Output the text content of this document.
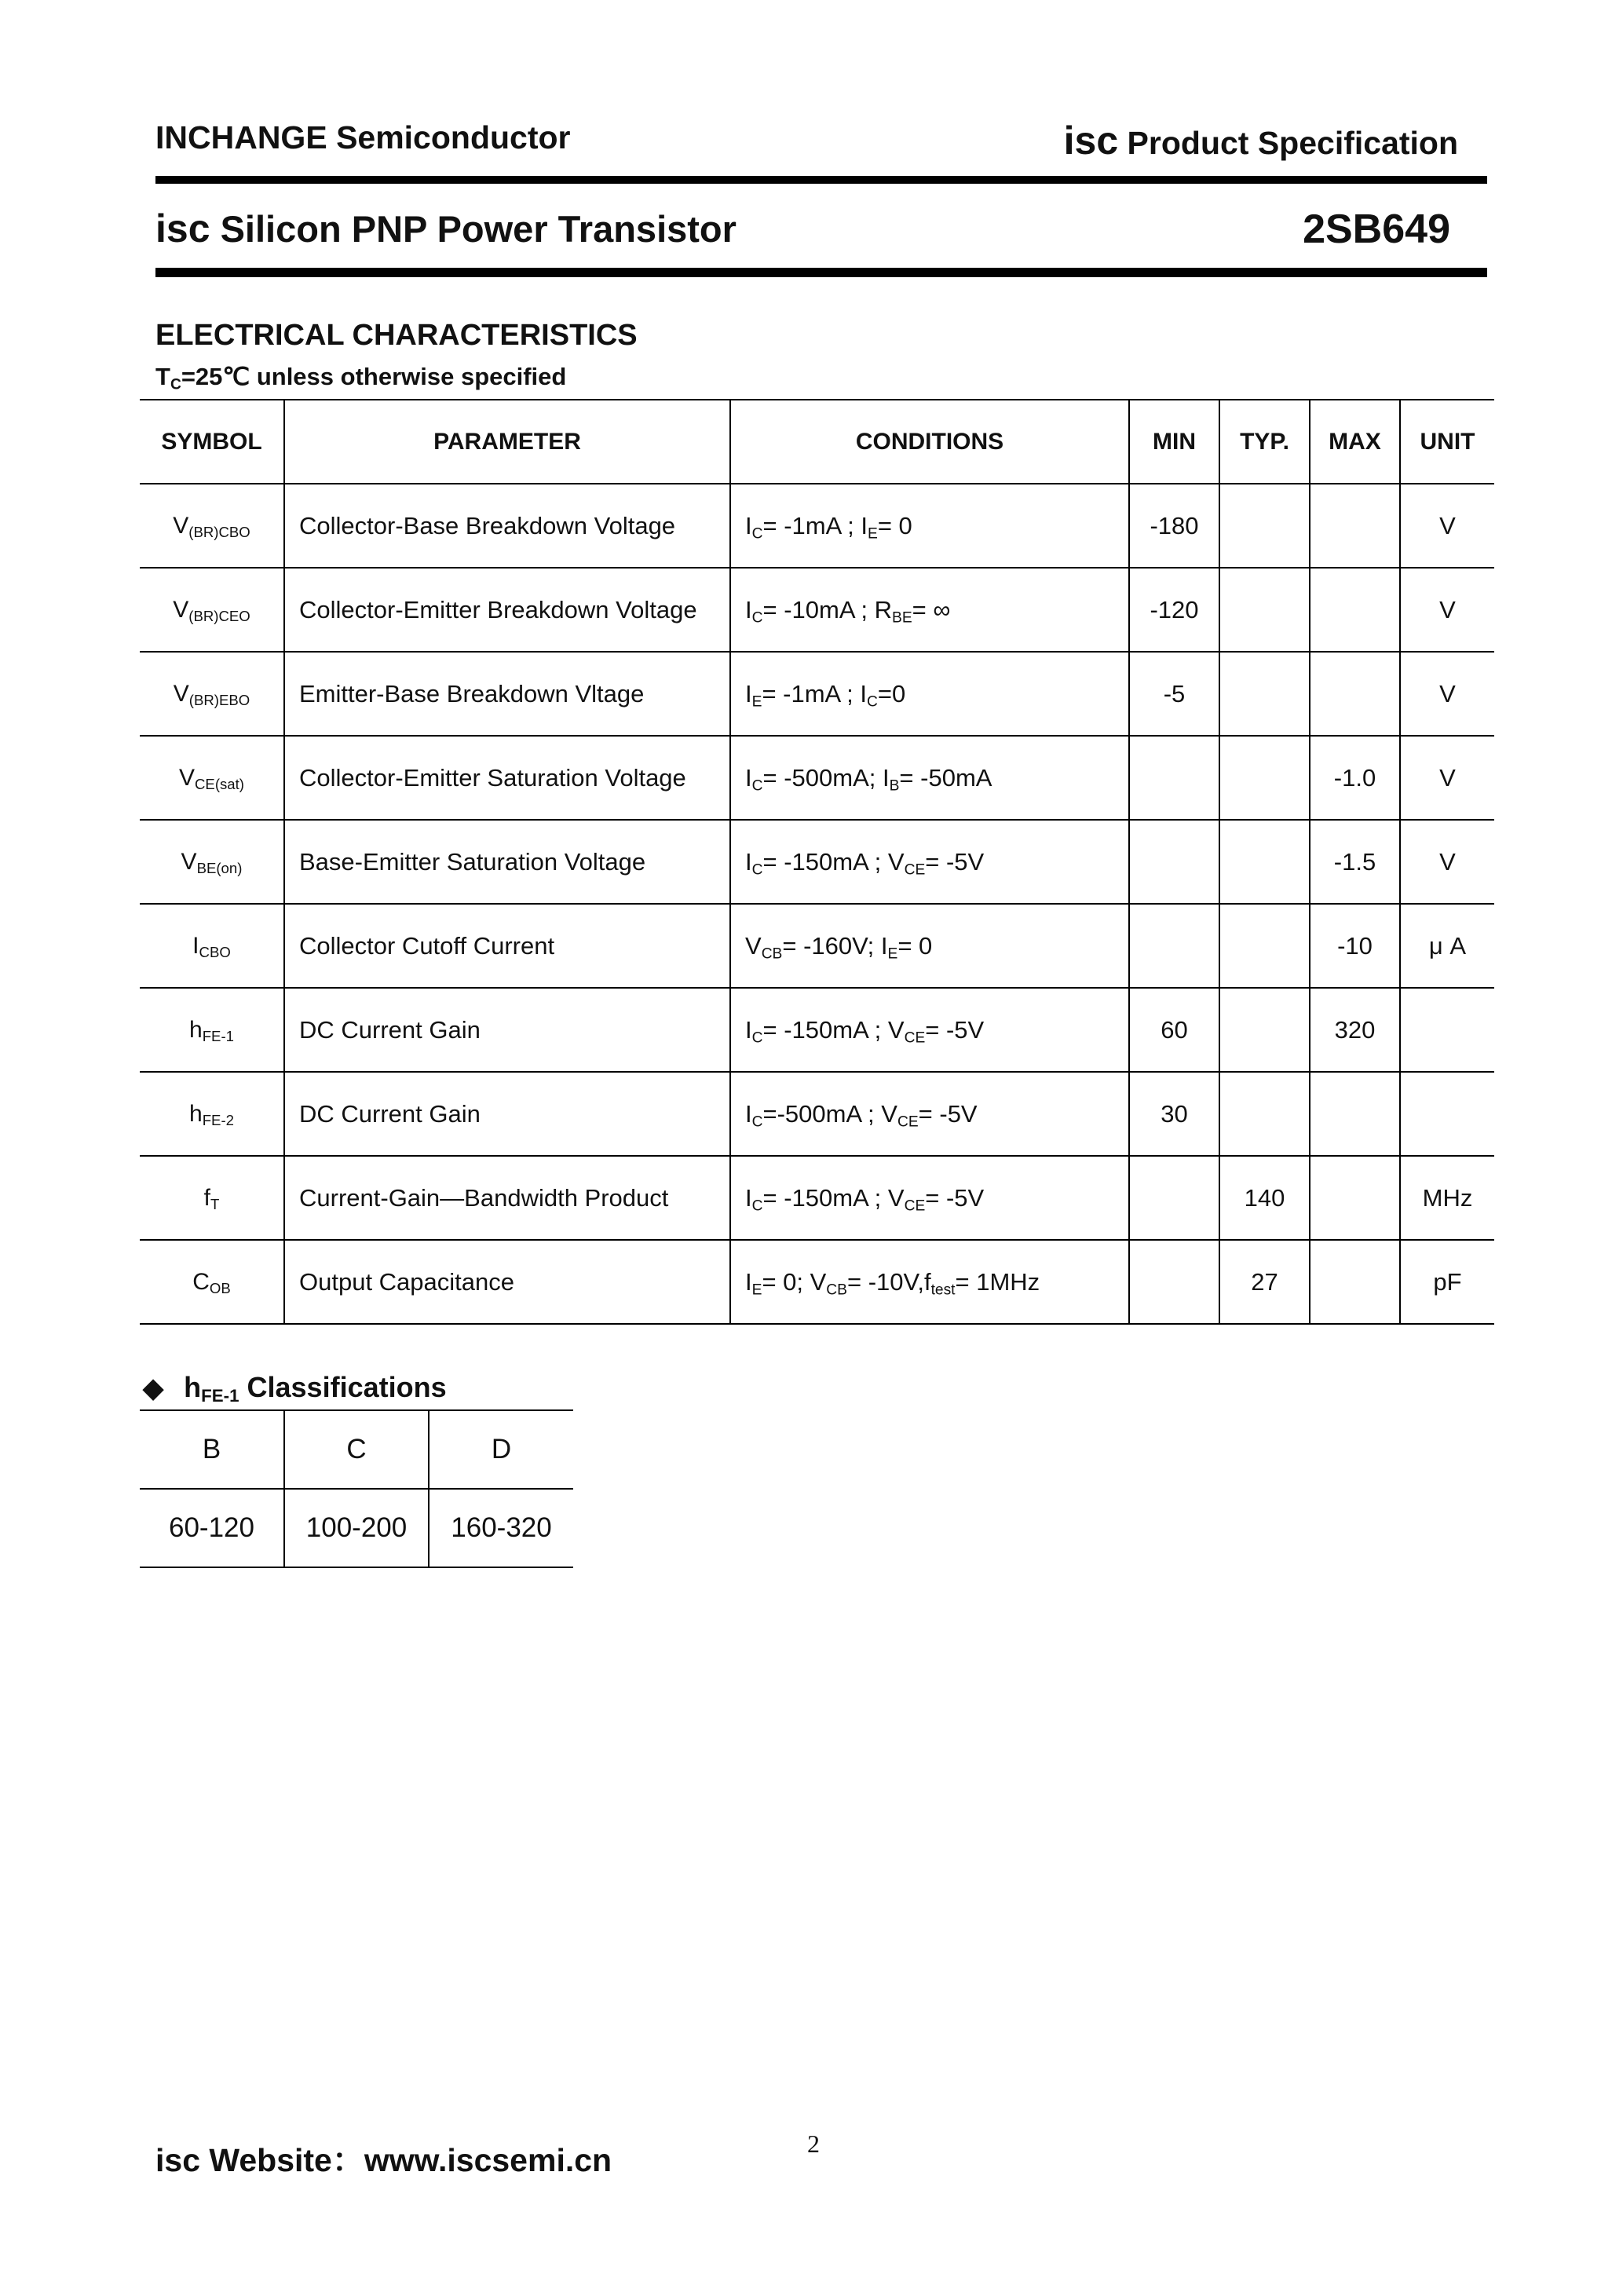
INCHANGE Semiconductor	isc Product Specification
isc Silicon PNP Power Transistor	2SB649
ELECTRICAL CHARACTERISTICS
$T_C=25℃$ unless otherwise specified
SYMBOL	PARAMETER	CONDITIONS	MIN	TYP.	MAX	UNIT
$V_{(BR)CBO}$	Collector-Base Breakdown Voltage	$I_C= -1mA$ ; $I_E= 0$	-180			V
$V_{(BR)CEO}$	Collector-Emitter Breakdown Voltage	$I_C= -10mA$ ; $R_{BE}=$ ∞	-120			V
$V_{(BR)EBO}$	Emitter-Base Breakdown Vltage	$I_E= -1mA$ ; $I_C=0$	-5			V
$V_{CE(sat)}$	Collector-Emitter Saturation Voltage	$I_C= -500mA$; $I_B= -50mA$			-1.0	V
$V_{BE(on)}$	Base-Emitter Saturation Voltage	$I_C= -150mA$ ; $V_{CE}= -5V$			-1.5	V
$I_{CBO}$	Collector Cutoff Current	$V_{CB}= -160V$; $I_E= 0$			-10	μ A
$h_{FE-1}$	DC Current Gain	$I_C= -150mA$ ; $V_{CE}= -5V$	60		320	
$h_{FE-2}$	DC Current Gain	$I_C=-500mA$ ; $V_{CE}= -5V$	30			
$f_T$	Current-Gain—Bandwidth Product	$I_C= -150mA$ ; $V_{CE}= -5V$		140		MHz
$C_{OB}$	Output Capacitance	$I_E= 0$; $V_{CB}= -10V,f_{test}= 1MHz$		27		pF
◆ $h_{FE-1}$ Classifications
B	C	D
60-120	100-200	160-320
isc Website：www.iscsemi.cn	2
